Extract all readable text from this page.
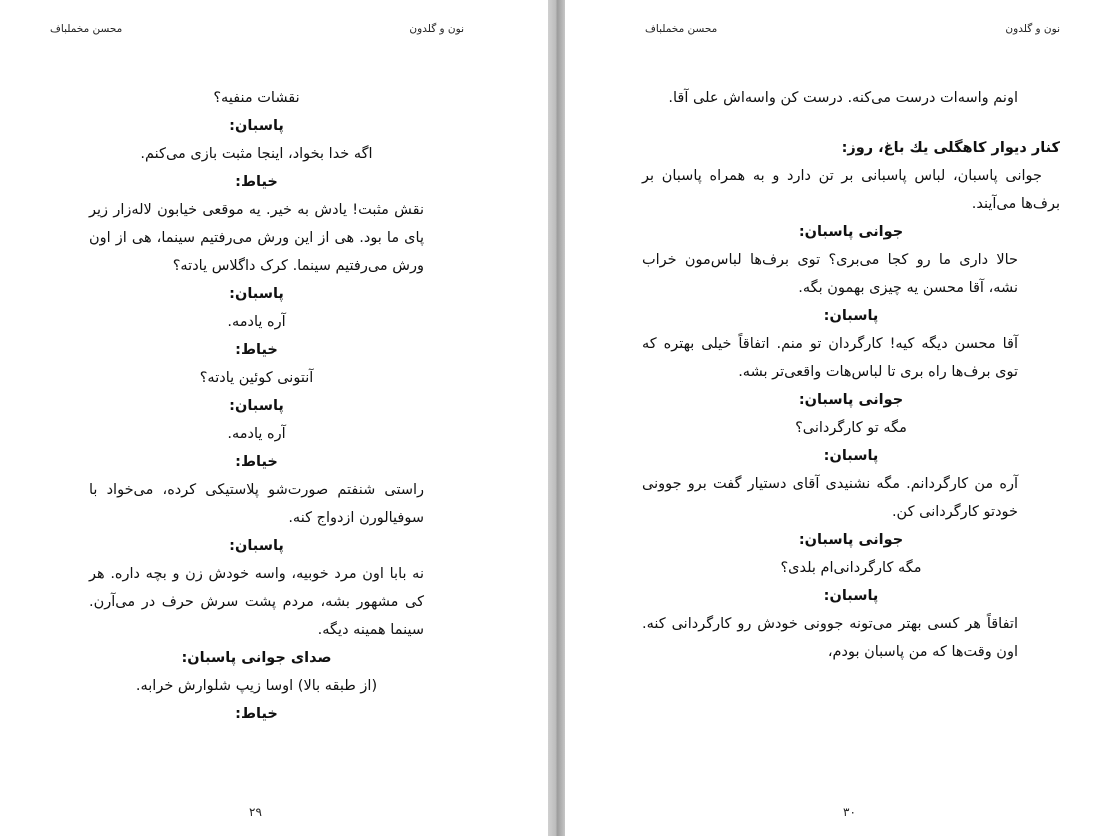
نون و گلدون
محسن مخملباف
نقشات منفیه؟
پاسبان:
اگه خدا بخواد، اینجا مثبت بازی می‌کنم.
خیاط:
نقش مثبت! یادش به خیر. یه موقعی خیابون لاله‌زار زیر پای ما بود. هی از این ورش می‌رفتیم سینما، هی از اون ورش می‌رفتیم سینما. کرک داگلاس یادته؟
پاسبان:
آره یادمه.
خیاط:
آنتونی کوئین یادته؟
پاسبان:
آره یادمه.
خیاط:
راستی شنفتم صورت‌شو پلاستیکی کرده، می‌خواد با سوفیالورن ازدواج کنه.
پاسبان:
نه بابا اون مرد خوبیه، واسه خودش زن و بچه داره. هر کی مشهور بشه، مردم پشت سرش حرف در می‌آرن. سینما همینه دیگه.
صدای جوانی پاسبان:
(از طبقه بالا) اوسا زیپ شلوارش خرابه.
خیاط:
۲۹
نون و گلدون
محسن مخملباف
اونم واسه‌ات درست می‌کنه. درست کن واسه‌اش علی آقا.
کنار دیوار کاهگلی یك باغ، روز:
جوانی پاسبان، لباس پاسبانی بر تن دارد و به همراه پاسبان بر برف‌ها می‌آیند.
جوانی پاسبان:
حالا داری ما رو کجا می‌بری؟ توی برف‌ها لباس‌مون خراب نشه، آقا محسن یه چیزی بهمون بگه.
پاسبان:
آقا محسن دیگه کیه! کارگردان تو منم. اتفاقاً خیلی بهتره که توی برف‌ها راه بری تا لباس‌هات واقعی‌تر بشه.
جوانی پاسبان:
مگه تو کارگردانی؟
پاسبان:
آره من کارگردانم. مگه نشنیدی آقای دستیار گفت برو جوونی خودتو کارگردانی کن.
جوانی پاسبان:
مگه کارگردانی‌ام بلدی؟
پاسبان:
اتفاقاً هر کسی بهتر می‌تونه جوونی خودش رو کارگردانی کنه. اون وقت‌ها که من پاسبان بودم،
۳۰
